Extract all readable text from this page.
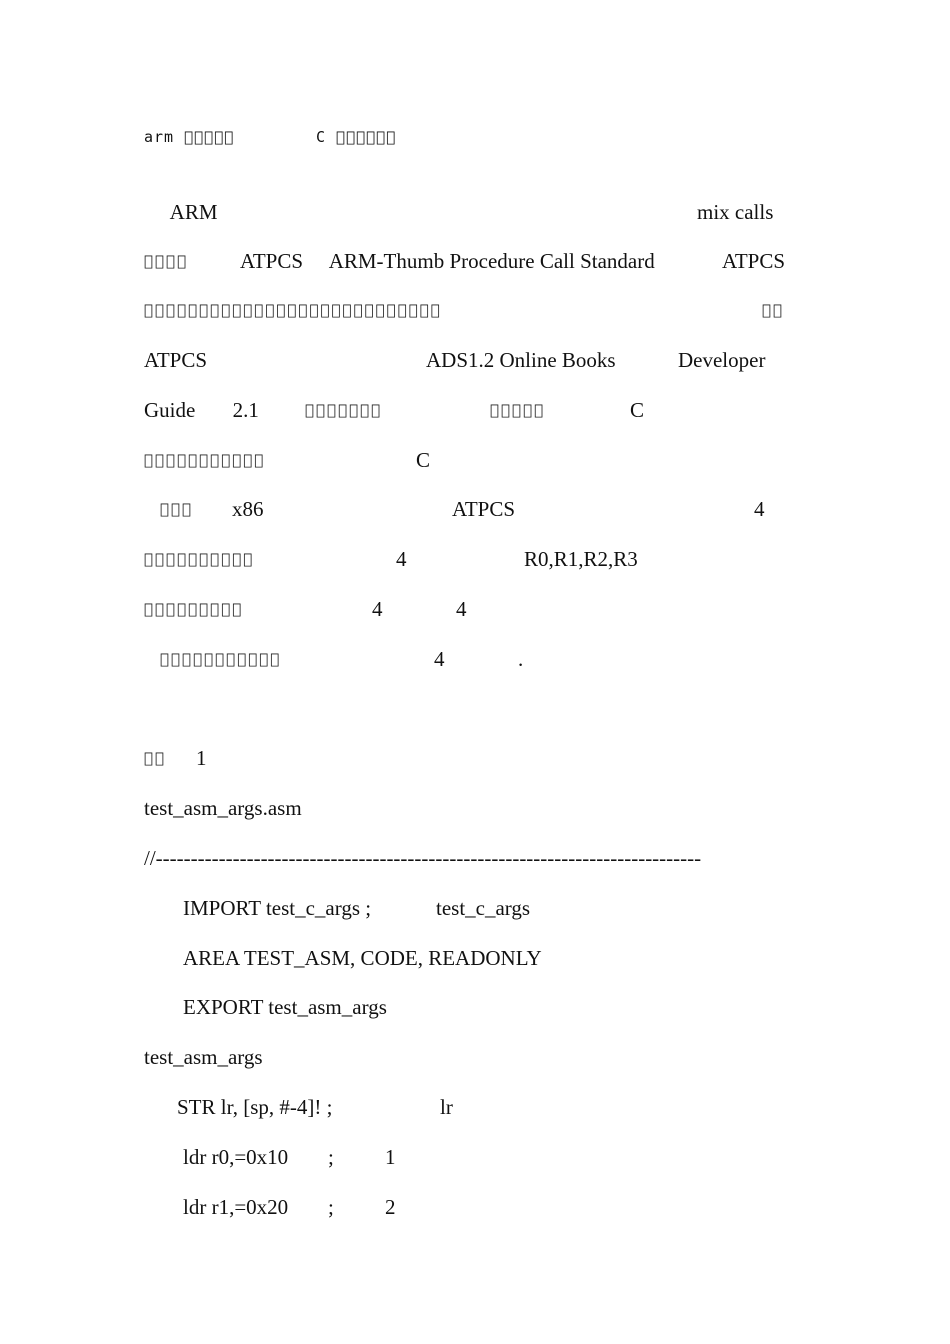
arm      	C       
   ARM                      	mix calls 
     ATPCS   ARM-Thumb Procedure Call Standard   ATPCS
                           	  
ATPCS         	ADS1.2 Online Books    Developer
Guide     2.1           	     	C       
           	C       
    x86        	ATPCS          	4   
          	4     R0,R1,R2,R3       
         	4    4             
           	4     .
   1 
test_asm_args.asm
//------------------------------------------------------------------------------
IMPORT test_c_args ;   test_c_args   
AREA TEST_ASM, CODE, READONLY
EXPORT test_asm_args
test_asm_args
STR lr, [sp, #-4]! ;     lr
ldr r0,=0x10 ;   1
ldr r1,=0x20 ;   2
